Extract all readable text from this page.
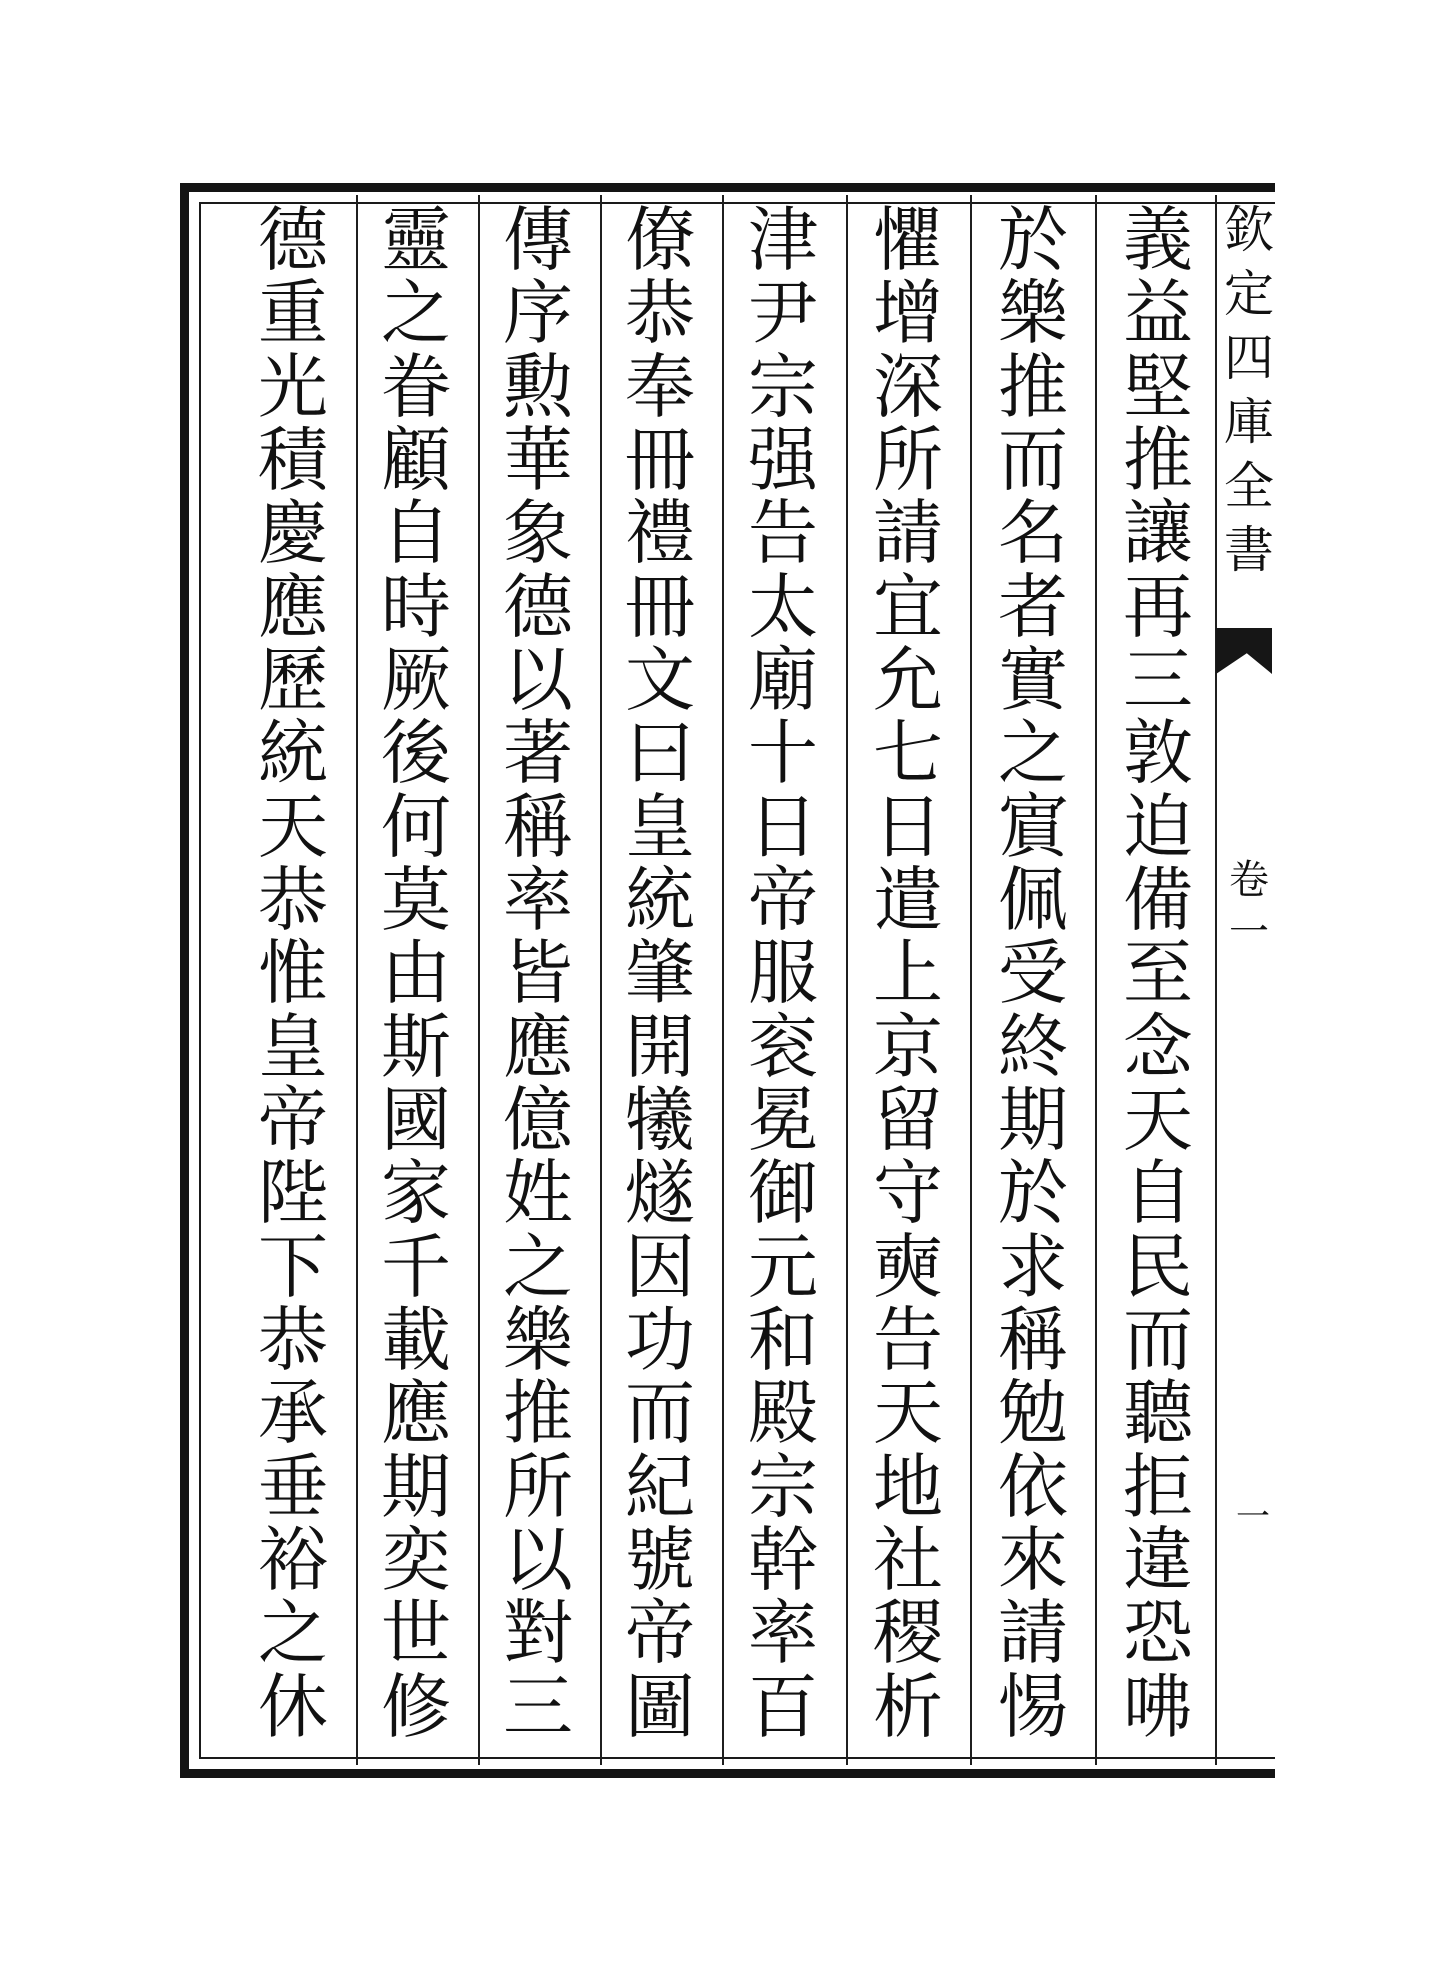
義
益
堅
推
讓
再
三
敦
迫
備
至
念
天
自
民
而
聽
拒
違
恐
咈
於
樂
推
而
名
者
實
之
賔
佩
受
終
期
於
求
稱
勉
依
來
請
惕
懼
增
深
所
請
宜
允
七
日
遣
上
京
留
守
奭
告
天
地
社
稷
析
津
尹
宗
强
告
太
廟
十
日
帝
服
衮
冕
御
元
和
殿
宗
幹
率
百
僚
恭
奉
冊
禮
冊
文
曰
皇
統
肇
開
犧
燧
因
功
而
紀
號
帝
圖
傳
序
勲
華
象
德
以
著
稱
率
皆
應
億
姓
之
樂
推
所
以
對
三
靈
之
眷
顧
自
時
厥
後
何
莫
由
斯
國
家
千
載
應
期
奕
世
修
德
重
光
積
慶
應
歷
統
天
恭
惟
皇
帝
陛
下
恭
承
垂
裕
之
休
欽
定
四
庫
全
書
卷
一
一
